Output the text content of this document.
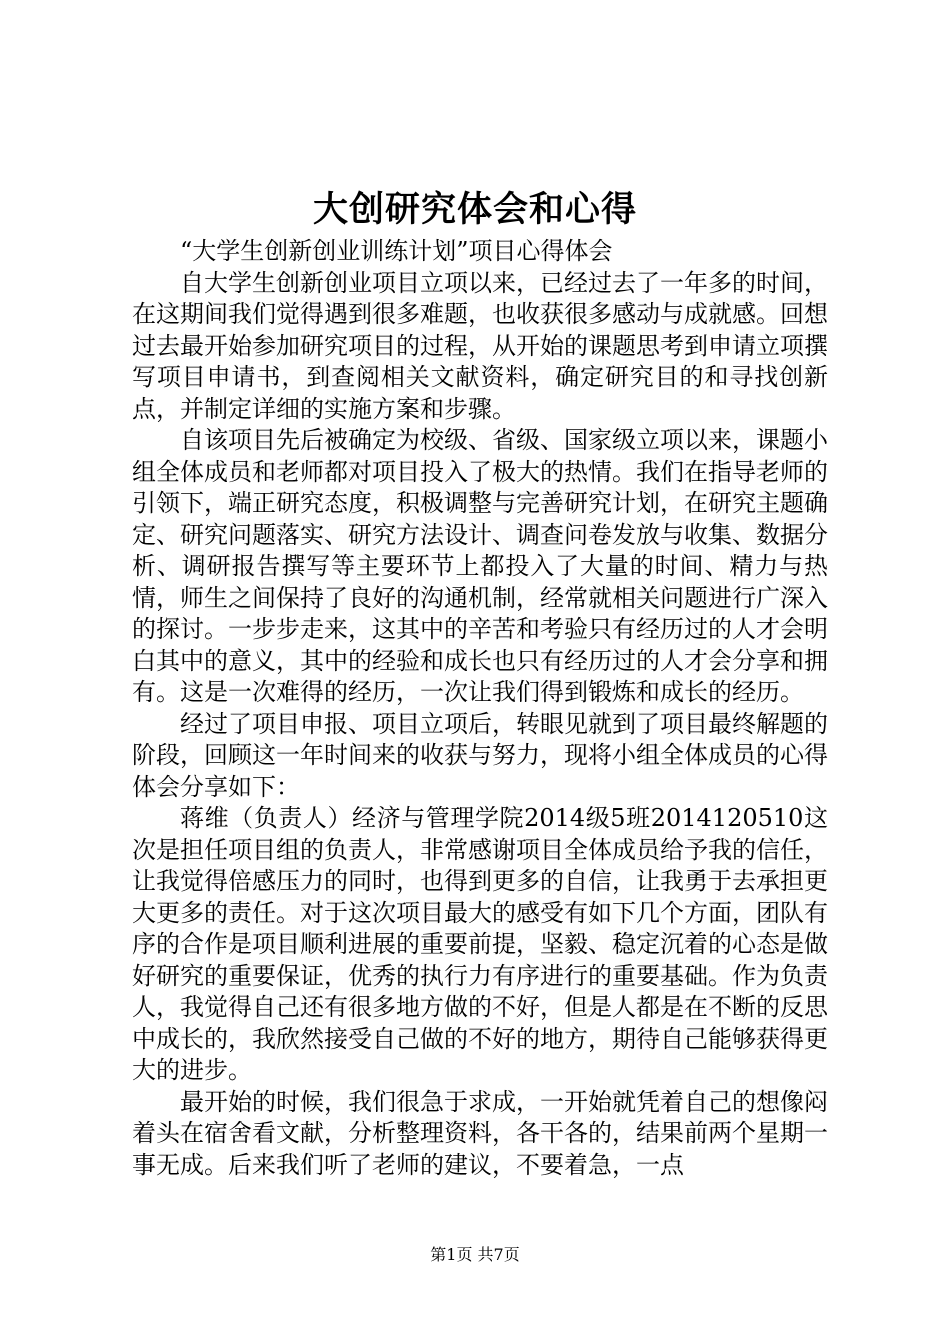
大创研究体会和心得

“大学生创新创业训练计划”项目心得体会

自大学生创新创业项目立项以来，已经过去了一年多的时间，在这期间我们觉得遇到很多难题，也收获很多感动与成就感。回想过去最开始参加研究项目的过程，从开始的课题思考到申请立项撰写项目申请书，到查阅相关文献资料，确定研究目的和寻找创新点，并制定详细的实施方案和步骤。

自该项目先后被确定为校级、省级、国家级立项以来，课题小组全体成员和老师都对项目投入了极大的热情。我们在指导老师的引领下，端正研究态度，积极调整与完善研究计划，在研究主题确定、研究问题落实、研究方法设计、调查问卷发放与收集、数据分析、调研报告撰写等主要环节上都投入了大量的时间、精力与热情，师生之间保持了良好的沟通机制，经常就相关问题进行广深入的探讨。一步步走来，这其中的辛苦和考验只有经历过的人才会明白其中的意义，其中的经验和成长也只有经历过的人才会分享和拥有。这是一次难得的经历，一次让我们得到锻炼和成长的经历。

经过了项目申报、项目立项后，转眼见就到了项目最终解题的阶段，回顾这一年时间来的收获与努力，现将小组全体成员的心得体会分享如下：

蒋维（负责人）经济与管理学院2014级5班2014120510这次是担任项目组的负责人，非常感谢项目全体成员给予我的信任，让我觉得倍感压力的同时，也得到更多的自信，让我勇于去承担更大更多的责任。对于这次项目最大的感受有如下几个方面，团队有序的合作是项目顺利进展的重要前提，坚毅、稳定沉着的心态是做好研究的重要保证，优秀的执行力有序进行的重要基础。作为负责人，我觉得自己还有很多地方做的不好，但是人都是在不断的反思中成长的，我欣然接受自己做的不好的地方，期待自己能够获得更大的进步。

最开始的时候，我们很急于求成，一开始就凭着自己的想像闷着头在宿舍看文献，分析整理资料，各干各的，结果前两个星期一事无成。后来我们听了老师的建议，不要着急，一点

第1页 共7页
